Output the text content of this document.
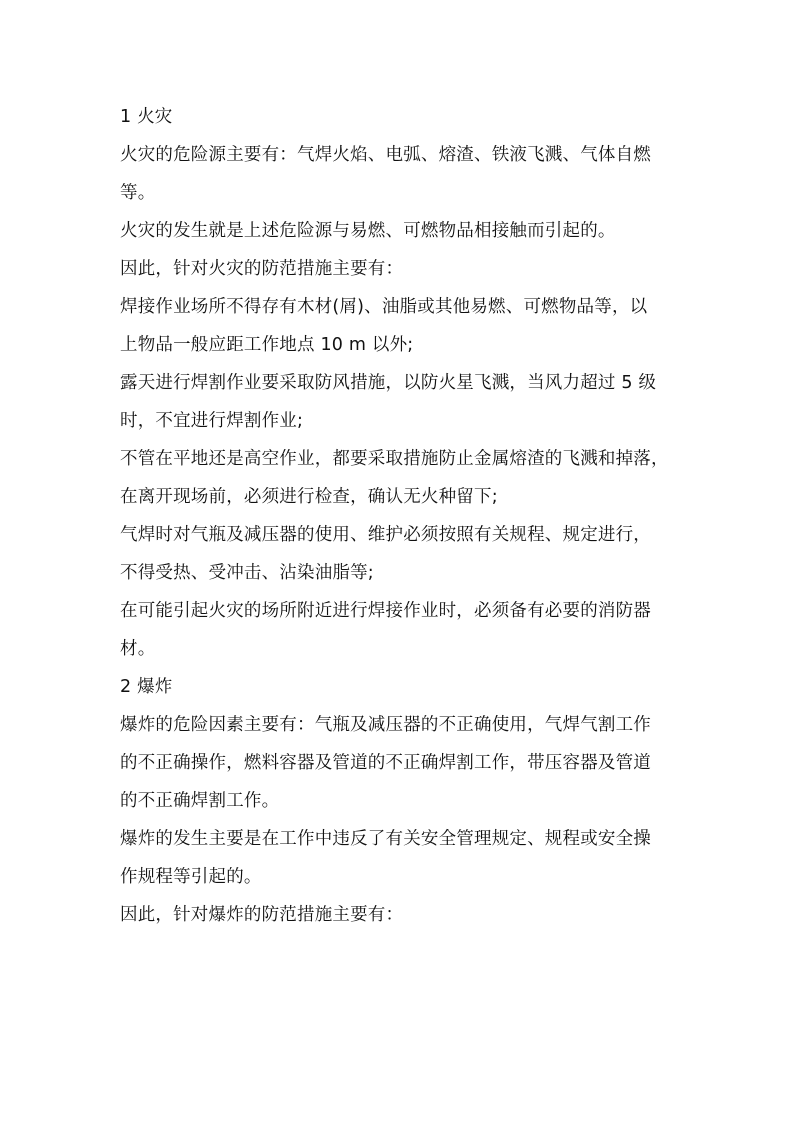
1 火灾
火灾的危险源主要有：气焊火焰、电弧、熔渣、铁液飞溅、气体自燃
等。
火灾的发生就是上述危险源与易燃、可燃物品相接触而引起的。
因此，针对火灾的防范措施主要有：
焊接作业场所不得存有木材(屑)、油脂或其他易燃、可燃物品等，以
上物品一般应距工作地点 10 m 以外;
露天进行焊割作业要采取防风措施，以防火星飞溅，当风力超过 5 级
时，不宜进行焊割作业;
不管在平地还是高空作业，都要采取措施防止金属熔渣的飞溅和掉落，
在离开现场前，必须进行检查，确认无火种留下;
气焊时对气瓶及减压器的使用、维护必须按照有关规程、规定进行，
不得受热、受冲击、沾染油脂等;
在可能引起火灾的场所附近进行焊接作业时，必须备有必要的消防器
材。
2 爆炸
爆炸的危险因素主要有：气瓶及减压器的不正确使用，气焊气割工作
的不正确操作，燃料容器及管道的不正确焊割工作，带压容器及管道
的不正确焊割工作。
爆炸的发生主要是在工作中违反了有关安全管理规定、规程或安全操
作规程等引起的。
因此，针对爆炸的防范措施主要有：
